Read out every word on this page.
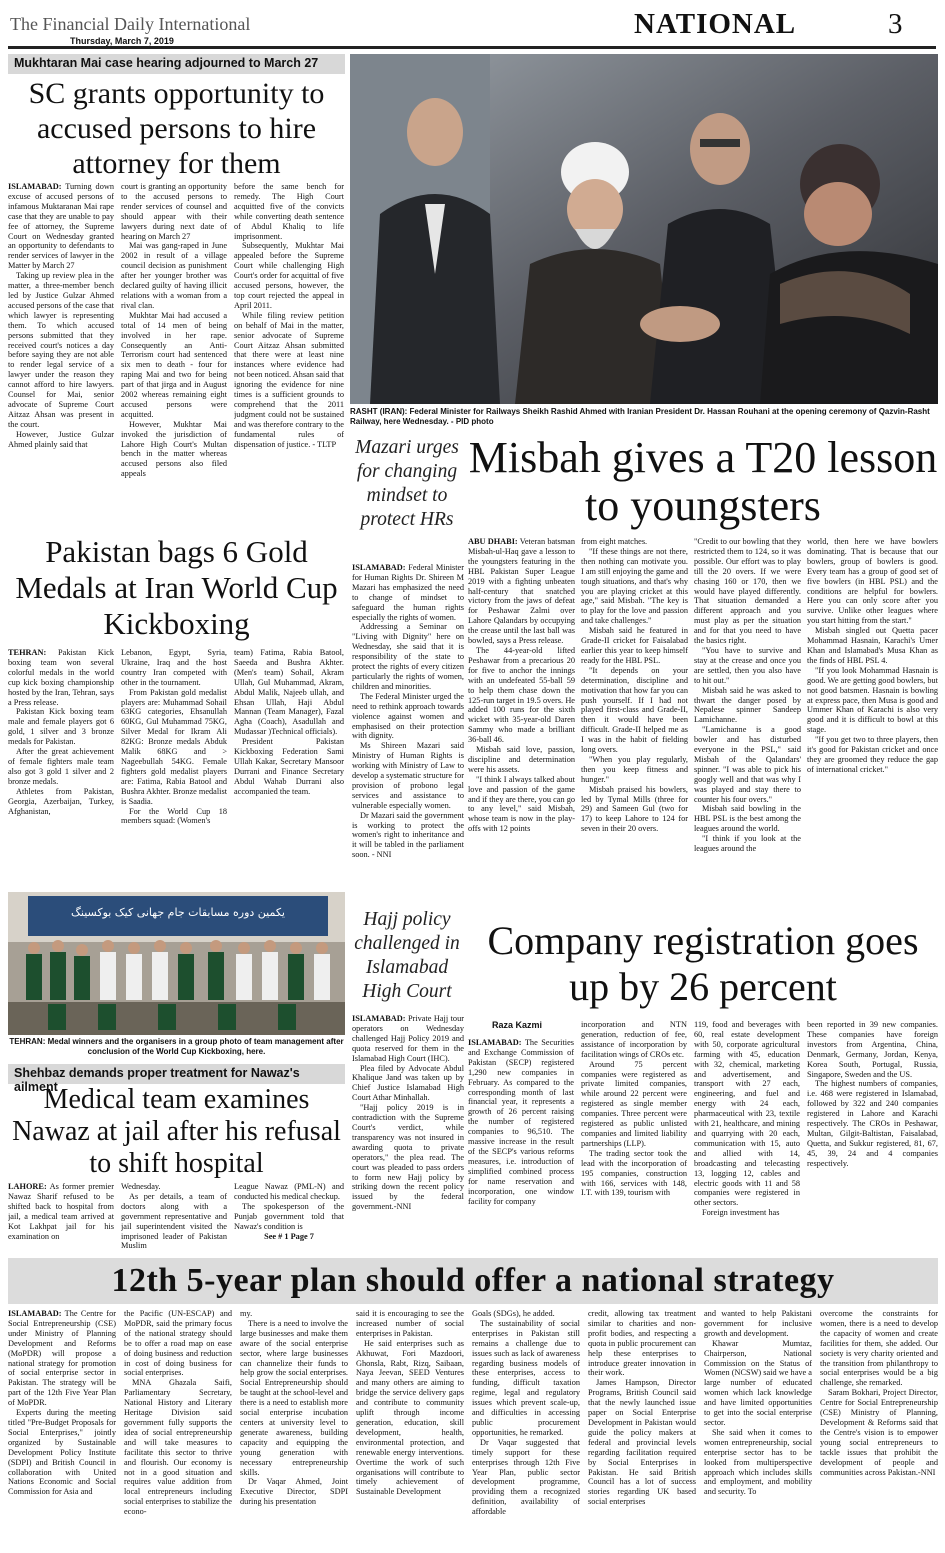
The Financial Daily International
Thursday, March 7, 2019
NATIONAL	3
Mukhtaran Mai case hearing adjourned to March 27
SC grants opportunity to accused persons to hire attorney for them

ISLAMABAD: Turning down excuse of accused persons of infamous Muktaranan Mai rape case that they are unable to pay fee of attorney, the Supreme Court on Wednesday granted an opportunity to defendants to render services of lawyer in the Matter by March 27

Taking up review plea in the matter, a three-member bench led by Justice Gulzar Ahmed accused persons of the case that which lawyer is representing them. To which accused persons submitted that they received court's notices a day before saying they are not able to render legal service of a lawyer under the reason they cannot afford to hire lawyers. Counsel for Mai, senior advocate of Supreme Court Aitzaz Ahsan was present in the court.

However, Justice Gulzar Ahmed plainly said that

court is granting an opportunity to the accused persons to render services of counsel and should appear with their lawyers during next date of hearing on March 27

Mai was gang-raped in June 2002 in result of a village council decision as punishment after her younger brother was declared guilty of having illicit relations with a woman from a rival clan.

Mukhtar Mai had accused a total of 14 men of being involved in her rape. Consequently an Anti-Terrorism court had sentenced six men to death - four for raping Mai and two for being part of that jirga and in August 2002 whereas remaining eight accused persons were acquitted.

However, Mukhtar Mai invoked the jurisdiction of Lahore High Court's Multan bench in the matter whereas accused persons also filed appeals

before the same bench for remedy. The High Court acquitted five of the convicts while converting death sentence of Abdul Khaliq to life imprisonment.

Subsequently, Mukhtar Mai appealed before the Supreme Court while challenging High Court's order for acquittal of five accused persons, however, the top court rejected the appeal in April 2011.

While filing review petition on behalf of Mai in the matter, senior advocate of Supreme Court Aitzaz Ahsan submitted that there were at least nine instances where evidence had not been noticed. Ahsan said that ignoring the evidence for nine times is a sufficient grounds to comprehend that the 2011 judgment could not be sustained and was therefore contrary to the fundamental rules of dispensation of justice. - TLTP

RASHT (IRAN): Federal Minister for Railways Sheikh Rashid Ahmed with Iranian President Dr. Hassan Rouhani at the opening ceremony of Qazvin-Rasht Railway, here Wednesday. - PID photo
Mazari urges for changing mindset to protect HRs

ISLAMABAD: Federal Minister for Human Rights Dr. Shireen M Mazari has emphasized the need to change of mindset to safeguard the human rights especially the rights of women.

Addressing a Seminar on "Living with Dignity" here on Wednesday, she said that it is responsibility of the state to protect the rights of every citizen particularly the rights of women, children and minorities.

The Federal Minister urged the need to rethink approach towards violence against women and emphasised on their protection with dignity.

Ms Shireen Mazari said Ministry of Human Rights is working with Ministry of Law to develop a systematic structure for provision of probono legal services and assistance to vulnerable especially women.

Dr Mazari said the government is working to protect the women's right to inheritance and it will be tabled in the parliament soon. - NNI

Hajj policy challenged in Islamabad High Court

ISLAMABAD: Private Hajj tour operators on Wednesday challenged Hajj Policy 2019 and quota reserved for them in the Islamabad High Court (IHC).

Plea filed by Advocate Abdul Khalique Jand was taken up by Chief Justice Islamabad High Court Athar Minhallah.

"Hajj policy 2019 is in contradiction with the Supreme Court's verdict, while transparency was not insured in awarding quota to private operators," the plea read. The court was pleaded to pass orders to form new Hajj policy by striking down the recent policy issued by the federal government.-NNI

Misbah gives a T20 lesson to youngsters

ABU DHABI: Veteran batsman Misbah-ul-Haq gave a lesson to the youngsters featuring in the HBL Pakistan Super League 2019 with a fighting unbeaten half-century that snatched victory from the jaws of defeat for Peshawar Zalmi over Lahore Qalandars by occupying the crease until the last ball was bowled, says a Press release.

The 44-year-old lifted Peshawar from a precarious 20 for five to anchor the innings with an undefeated 55-ball 59 to help them chase down the 125-run target in 19.5 overs. He added 100 runs for the sixth wicket with 35-year-old Daren Sammy who made a brilliant 36-ball 46.

Misbah said love, passion, discipline and determination were his assets.

"I think I always talked about love and passion of the game and if they are there, you can go to any level," said Misbah, whose team is now in the play-offs with 12 points

from eight matches.

"If these things are not there, then nothing can motivate you. I am still enjoying the game and tough situations, and that's why you are playing cricket at this age," said Misbah. "The key is to play for the love and passion and take challenges."

Misbah said he featured in Grade-II cricket for Faisalabad earlier this year to keep himself ready for the HBL PSL.

"It depends on your determination, discipline and motivation that how far you can push yourself. If I had not played first-class and Grade-II, then it would have been difficult. Grade-II helped me as I was in the habit of fielding long overs.

"When you play regularly, then you keep fitness and hunger."

Misbah praised his bowlers, led by Tymal Mills (three for 29) and Sameen Gul (two for 17) to keep Lahore to 124 for seven in their 20 overs.

"Credit to our bowling that they restricted them to 124, so it was possible. Our effort was to play till the 20 overs. If we were chasing 160 or 170, then we would have played differently. That situation demanded a different approach and you must play as per the situation and for that you need to have the basics right.

"You have to survive and stay at the crease and once you are settled, then you also have to hit out."

Misbah said he was asked to thwart the danger posed by Nepalese spinner Sandeep Lamichanne.

"Lamichanne is a good bowler and has disturbed everyone in the PSL," said Misbah of the Qalandars' spinner. "I was able to pick his googly well and that was why I was played and stay there to counter his four overs."

Misbah said bowling in the HBL PSL is the best among the leagues around the world.

"I think if you look at the leagues around the

world, then here we have bowlers dominating. That is because that our bowlers, group of bowlers is good. Every team has a group of good set of five bowlers (in HBL PSL) and the conditions are helpful for bowlers. Here you can only score after you survive. Unlike other leagues where you start hitting from the start."

Misbah singled out Quetta pacer Mohammad Hasnain, Karachi's Umer Khan and Islamabad's Musa Khan as the finds of HBL PSL 4.

"If you look Mohammad Hasnain is good. We are getting good bowlers, but not good batsmen. Hasnain is bowling at express pace, then Musa is good and Ummer Khan of Karachi is also very good and it is difficult to bowl at this stage.

"If you get two to three players, then it's good for Pakistan cricket and once they are groomed they reduce the gap of international cricket."

Pakistan bags 6 Gold Medals at Iran World Cup Kickboxing

TEHRAN: Pakistan Kick boxing team won several colorful medals in the world cup kick boxing championship hosted by the Iran, Tehran, says a Press release.

Pakistan Kick boxing team male and female players got 6 gold, 1 silver and 3 bronze medals for Pakistan.

After the great achievement of female fighters male team also got 3 gold 1 silver and 2 bronze medals.

Athletes from Pakistan, Georgia, Azerbaijan, Turkey, Afghanistan,

Lebanon, Egypt, Syria, Ukraine, Iraq and the host country Iran competed with other in the tournament.

From Pakistan gold medalist players are: Muhammad Sohail 63KG categories, Ehsanullah 60KG, Gul Muhammad 75KG, Silver Medal for Ikram Ali 82KG: Bronze medals Abduk Malik 68KG and > Nageebullah 54KG. Female fighters gold medalist players are: Fatima, Rabia Batool and Bushra Akhter. Bronze medalist is Saadia.

For the World Cup 18 members squad: (Women's

team) Fatima, Rabia Batool, Saeeda and Bushra Akhter. (Men's team) Sohail, Akram Ullah, Gul Muhammad, Akram, Abdul Malik, Najeeb ullah, and Ehsan Ullah, Haji Abdul Mannan (Team Manager), Fazal Agha (Coach), Asadullah and Mudassar )Technical officials).

President Pakistan Kickboxing Federation Sami Ullah Kakar, Secretary Mansoor Durrani and Finance Secretary Abdul Wahab Durrani also accompanied the team.

یکمین دوره مسابقات جام جهانی کیک بوکسینگ
TEHRAN: Medal winners and the organisers in a group photo of team management after conclusion of the World Cup Kickboxing, here.
Shehbaz demands proper treatment for Nawaz's ailment
Medical team examines Nawaz at jail after his refusal to shift hospital

LAHORE: As former premier Nawaz Sharif refused to be shifted back to hospital from jail, a medical team arrived at Kot Lakhpat jail for his examination on

Wednesday.

As per details, a team of doctors along with a government representative and jail superintendent visited the imprisoned leader of Pakistan Muslim

League Nawaz (PML-N) and conducted his medical checkup.

The spokesperson of the Punjab government told that Nawaz's condition is

See # 1 Page 7

Company registration goes up by 26 percent
Raza Kazmi

ISLAMABAD: The Securities and Exchange Commission of Pakistan (SECP) registered 1,290 new companies in February. As compared to the corresponding month of last financial year, it represents a growth of 26 percent raising the number of registered companies to 96,510. The massive increase in the result of the SECP's various reforms measures, i.e. introduction of simplified combined process for name reservation and incorporation, one window facility for company

incorporation and NTN generation, reduction of fee, assistance of incorporation by facilitation wings of CROs etc.

Around 75 percent companies were registered as private limited companies, while around 22 percent were registered as single member companies. Three percent were registered as public unlisted companies and limited liability partnerships (LLP).

The trading sector took the lead with the incorporation of 195 companies, construction with 166, services with 148, I.T. with 139, tourism with

119, food and beverages with 60, real estate development with 50, corporate agricultural farming with 45, education with 32, chemical, marketing and advertisement, and transport with 27 each, engineering, and fuel and energy with 24 each, pharmaceutical with 23, textile with 21, healthcare, and mining and quarrying with 20 each, communication with 15, auto and allied with 14, broadcasting and telecasting 13, logging 12, cables and electric goods with 11 and 58 companies were registered in other sectors.

Foreign investment has

been reported in 39 new companies. These companies have foreign investors from Argentina, China, Denmark, Germany, Jordan, Kenya, Korea South, Portugal, Russia, Singapore, Sweden and the US.

The highest numbers of companies, i.e. 468 were registered in Islamabad, followed by 322 and 240 companies registered in Lahore and Karachi respectively. The CROs in Peshawar, Multan, Gilgit-Baltistan, Faisalabad, Quetta, and Sukkur registered, 81, 67, 45, 39, 24 and 4 companies respectively.

12th 5-year plan should offer a national strategy

ISLAMABAD: The Centre for Social Entrepreneurship (CSE) under Ministry of Planning Development and Reforms (MoPDR) will propose a national strategy for promotion of social enterprise sector in Pakistan. The strategy will be part of the 12th Five Year Plan of MoPDR.

Experts during the meeting titled "Pre-Budget Proposals for Social Enterprises," jointly organized by Sustainable Development Policy Institute (SDPI) and British Council in collaboration with United Nations Economic and Social Commission for Asia and

the Pacific (UN-ESCAP) and MoPDR, said the primary focus of the national strategy should be to offer a road map on ease of doing business and reduction in cost of doing business for social enterprises.

MNA Ghazala Saifi, Parliamentary Secretary, National History and Literary Heritage Division said government fully supports the idea of social entrepreneurship and will take measures to facilitate this sector to thrive and flourish. Our economy is not in a good situation and requires value addition from local entrepreneurs including social enterprises to stabilize the econo-

my.

There is a need to involve the large businesses and make them aware of the social enterprise sector, where large businesses can channelize their funds to help grow the social enterprises. Social Entrepreneurship should be taught at the school-level and there is a need to establish more social enterprise incubation centers at university level to generate awareness, building capacity and equipping the young generation with necessary entrepreneurship skills.

Dr Vaqar Ahmed, Joint Executive Director, SDPI during his presentation

said it is encouraging to see the increased number of social enterprises in Pakistan.

He said enterprises such as Akhuwat, Fori Mazdoori, Ghonsla, Rabt, Rizq, Saibaan, Naya Jeevan, SEED Ventures and many others are aiming to bridge the service delivery gaps and contribute to community uplift through income generation, education, skill development, health, environmental protection, and renewable energy interventions. Overtime the work of such organisations will contribute to timely achievement of Sustainable Development

Goals (SDGs), he added.

The sustainability of social enterprises in Pakistan still remains a challenge due to issues such as lack of awareness regarding business models of these enterprises, access to funding, difficult taxation regime, legal and regulatory issues which prevent scale-up, and difficulties in accessing public procurement opportunities, he remarked.

Dr Vaqar suggested that timely support for these enterprises through 12th Five Year Plan, public sector development programme, providing them a recognized definition, availability of affordable

credit, allowing tax treatment similar to charities and non-profit bodies, and respecting a quota in public procurement can help these enterprises to introduce greater innovation in their work.

James Hampson, Director Programs, British Council said that the newly launched issue paper on Social Enterprise Development in Pakistan would guide the policy makers at federal and provincial levels regarding facilitation required by Social Enterprises in Pakistan. He said British Council has a lot of success stories regarding UK based social enterprises

and wanted to help Pakistani government for inclusive growth and development.

Khawar Mumtaz, Chairperson, National Commission on the Status of Women (NCSW) said we have a large number of educated women which lack knowledge and have limited opportunities to get into the social enterprise sector.

She said when it comes to women entrepreneurship, social enterprise sector has to be looked from multiperspective approach which includes skills and employment, and mobility and security. To

overcome the constraints for women, there is a need to develop the capacity of women and create facilities for them, she added. Our society is very charity oriented and the transition from philanthropy to social enterprises would be a big challenge, she remarked.

Saram Bokhari, Project Director, Centre for Social Entrepreneurship (CSE) Ministry of Planning, Development & Reforms said that the Centre's vision is to empower young social entrepreneurs to tackle issues that prohibit the development of people and communities across Pakistan.-NNI
